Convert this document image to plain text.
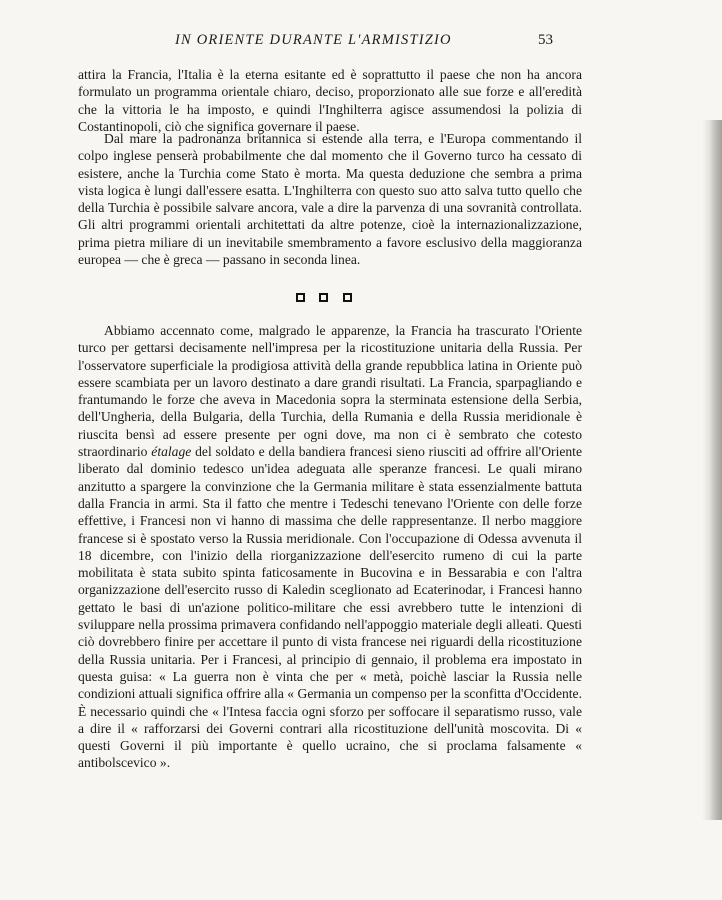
IN ORIENTE DURANTE L'ARMISTIZIO	53

attira la Francia, l'Italia è la eterna esitante ed è soprattutto il paese che non ha ancora formulato un programma orientale chiaro, deciso, proporzionato alle sue forze e all'eredità che la vittoria le ha imposto, e quindi l'Inghilterra agisce assumendosi la polizia di Costantinopoli, ciò che significa governare il paese.

Dal mare la padronanza britannica si estende alla terra, e l'Europa commentando il colpo inglese penserà probabilmente che dal momento che il Governo turco ha cessato di esistere, anche la Turchia come Stato è morta. Ma questa deduzione che sembra a prima vista logica è lungi dall'essere esatta. L'Inghilterra con questo suo atto salva tutto quello che della Turchia è possibile salvare ancora, vale a dire la parvenza di una sovranità controllata. Gli altri programmi orientali architettati da altre potenze, cioè la internazionalizzazione, prima pietra miliare di un inevitabile smembramento a favore esclusivo della maggioranza europea — che è greca — passano in seconda linea.

Abbiamo accennato come, malgrado le apparenze, la Francia ha trascurato l'Oriente turco per gettarsi decisamente nell'impresa per la ricostituzione unitaria della Russia. Per l'osservatore superficiale la prodigiosa attività della grande repubblica latina in Oriente può essere scambiata per un lavoro destinato a dare grandi risultati. La Francia, sparpagliando e frantumando le forze che aveva in Macedonia sopra la sterminata estensione della Serbia, dell'Ungheria, della Bulgaria, della Turchia, della Rumania e della Russia meridionale è riuscita bensì ad essere presente per ogni dove, ma non ci è sembrato che cotesto straordinario étalage del soldato e della bandiera francesi sieno riusciti ad offrire all'Oriente liberato dal dominio tedesco un'idea adeguata alle speranze francesi. Le quali mirano anzitutto a spargere la convinzione che la Germania militare è stata essenzialmente battuta dalla Francia in armi. Sta il fatto che mentre i Tedeschi tenevano l'Oriente con delle forze effettive, i Francesi non vi hanno di massima che delle rappresentanze. Il nerbo maggiore francese si è spostato verso la Russia meridionale. Con l'occupazione di Odessa avvenuta il 18 dicembre, con l'inizio della riorganizzazione dell'esercito rumeno di cui la parte mobilitata è stata subito spinta faticosamente in Bucovina e in Bessarabia e con l'altra organizzazione dell'esercito russo di Kaledin sceglionato ad Ecaterinodar, i Francesi hanno gettato le basi di un'azione politico-militare che essi avrebbero tutte le intenzioni di sviluppare nella prossima primavera confidando nell'appoggio materiale degli alleati. Questi ciò dovrebbero finire per accettare il punto di vista francese nei riguardi della ricostituzione della Russia unitaria. Per i Francesi, al principio di gennaio, il problema era impostato in questa guisa: « La guerra non è vinta che per « metà, poichè lasciar la Russia nelle condizioni attuali significa offrire alla « Germania un compenso per la sconfitta d'Occidente. È necessario quindi che « l'Intesa faccia ogni sforzo per soffocare il separatismo russo, vale a dire il « rafforzarsi dei Governi contrari alla ricostituzione dell'unità moscovita. Di « questi Governi il più importante è quello ucraino, che si proclama falsamente « antibolscevico ».
